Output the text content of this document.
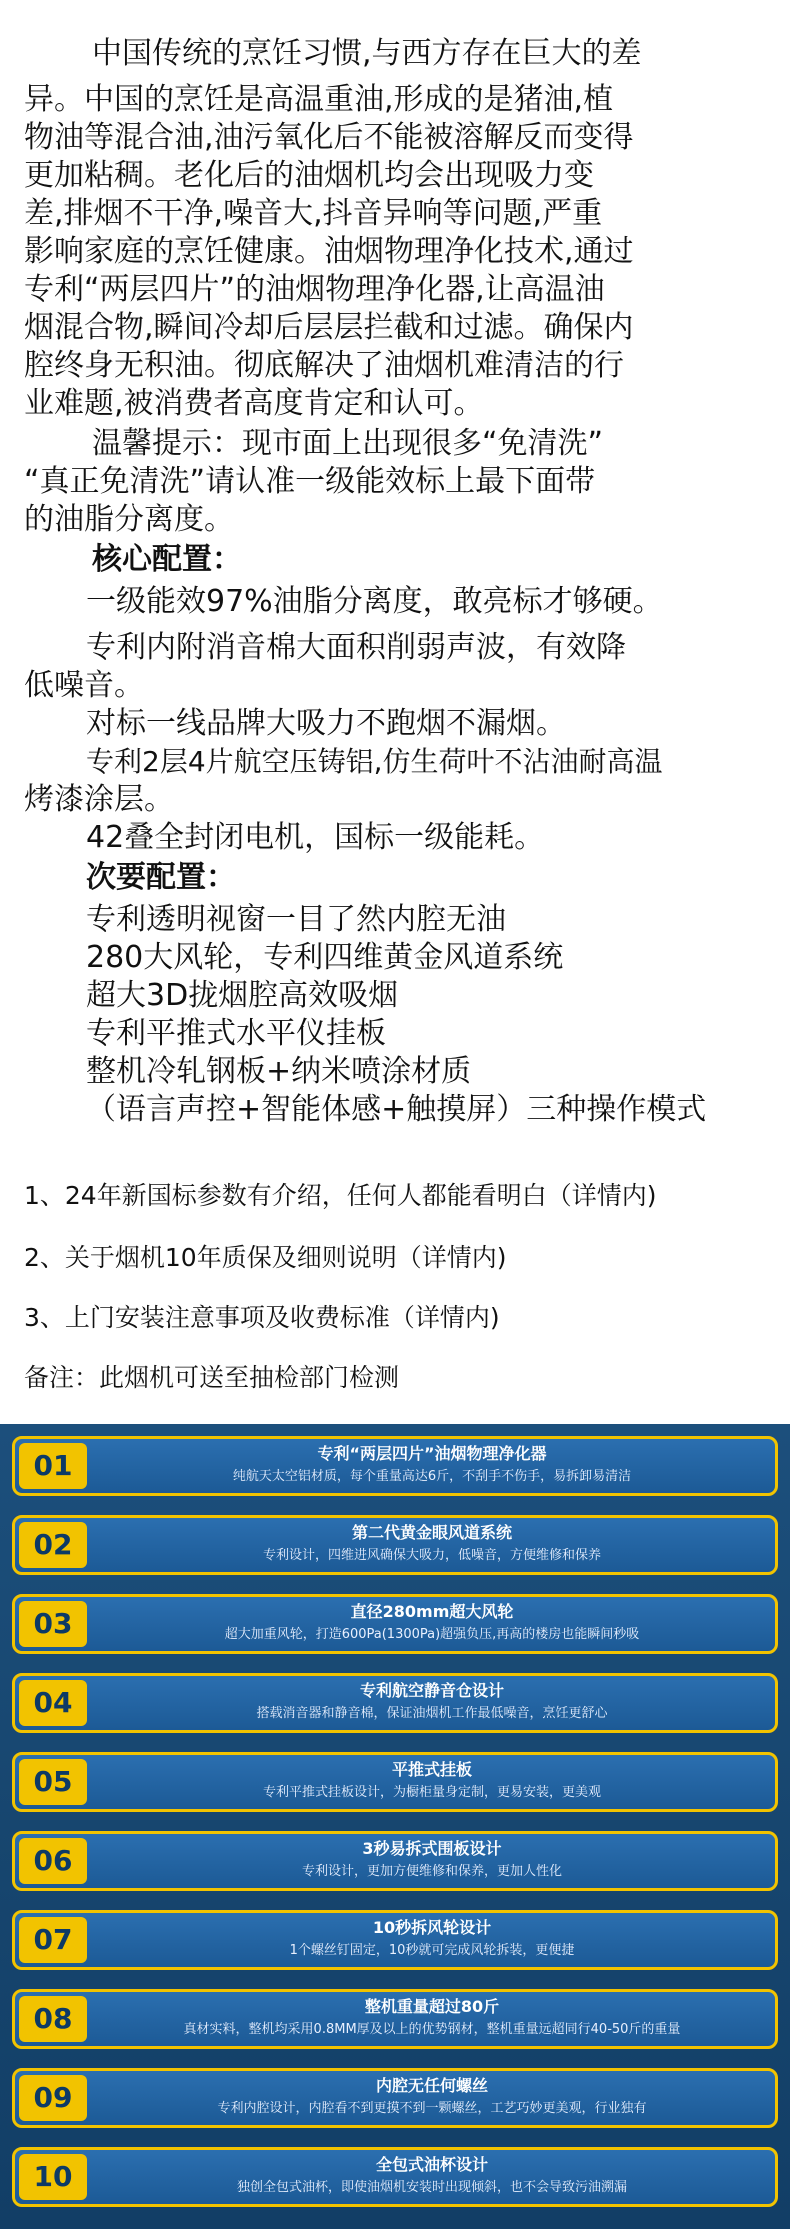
中国传统的烹饪习惯,与西方存在巨大的差
异。中国的烹饪是高温重油,形成的是猪油,植
物油等混合油,油污氧化后不能被溶解反而变得
更加粘稠。老化后的油烟机均会出现吸力变
差,排烟不干净,噪音大,抖音异响等问题,严重
影响家庭的烹饪健康。油烟物理净化技术,通过
专利“两层四片”的油烟物理净化器,让高温油
烟混合物,瞬间冷却后层层拦截和过滤。确保内
腔终身无积油。彻底解决了油烟机难清洁的行
业难题,被消费者高度肯定和认可。
温馨提示：现市面上出现很多“免清洗”
“真正免清洗”请认准一级能效标上最下面带
的油脂分离度。
核心配置：
一级能效97%油脂分离度，敢亮标才够硬。
专利内附消音棉大面积削弱声波，有效降
低噪音。
对标一线品牌大吸力不跑烟不漏烟。
专利2层4片航空压铸铝,仿生荷叶不沾油耐高温
烤漆涂层。
42叠全封闭电机，国标一级能耗。
次要配置：
专利透明视窗一目了然内腔无油
280大风轮，专利四维黄金风道系统
超大3D拢烟腔高效吸烟
专利平推式水平仪挂板
整机冷轧钢板+纳米喷涂材质
（语言声控+智能体感+触摸屏）三种操作模式
1、24年新国标参数有介绍，任何人都能看明白（详情内)
2、关于烟机10年质保及细则说明（详情内)
3、上门安装注意事项及收费标准（详情内)
备注：此烟机可送至抽检部门检测
01	专利“两层四片”油烟物理净化器
纯航天太空铝材质，每个重量高达6斤，不刮手不伤手，易拆卸易清洁
02	第二代黄金眼风道系统
专利设计，四维进风确保大吸力，低噪音，方便维修和保养
03	直径280mm超大风轮
超大加重风轮，打造600Pa(1300Pa)超强负压,再高的楼房也能瞬间秒吸
04	专利航空静音仓设计
搭载消音器和静音棉，保证油烟机工作最低噪音，烹饪更舒心
05	平推式挂板
专利平推式挂板设计，为橱柜量身定制，更易安装，更美观
06	3秒易拆式围板设计
专利设计，更加方便维修和保养，更加人性化
07	10秒拆风轮设计
1个螺丝钉固定，10秒就可完成风轮拆装，更便捷
08	整机重量超过80斤
真材实料，整机均采用0.8MM厚及以上的优势钢材，整机重量远超同行40-50斤的重量
09	内腔无任何螺丝
专利内腔设计，内腔看不到更摸不到一颗螺丝，工艺巧妙更美观，行业独有
10	全包式油杯设计
独创全包式油杯，即使油烟机安装时出现倾斜，也不会导致污油溯漏
